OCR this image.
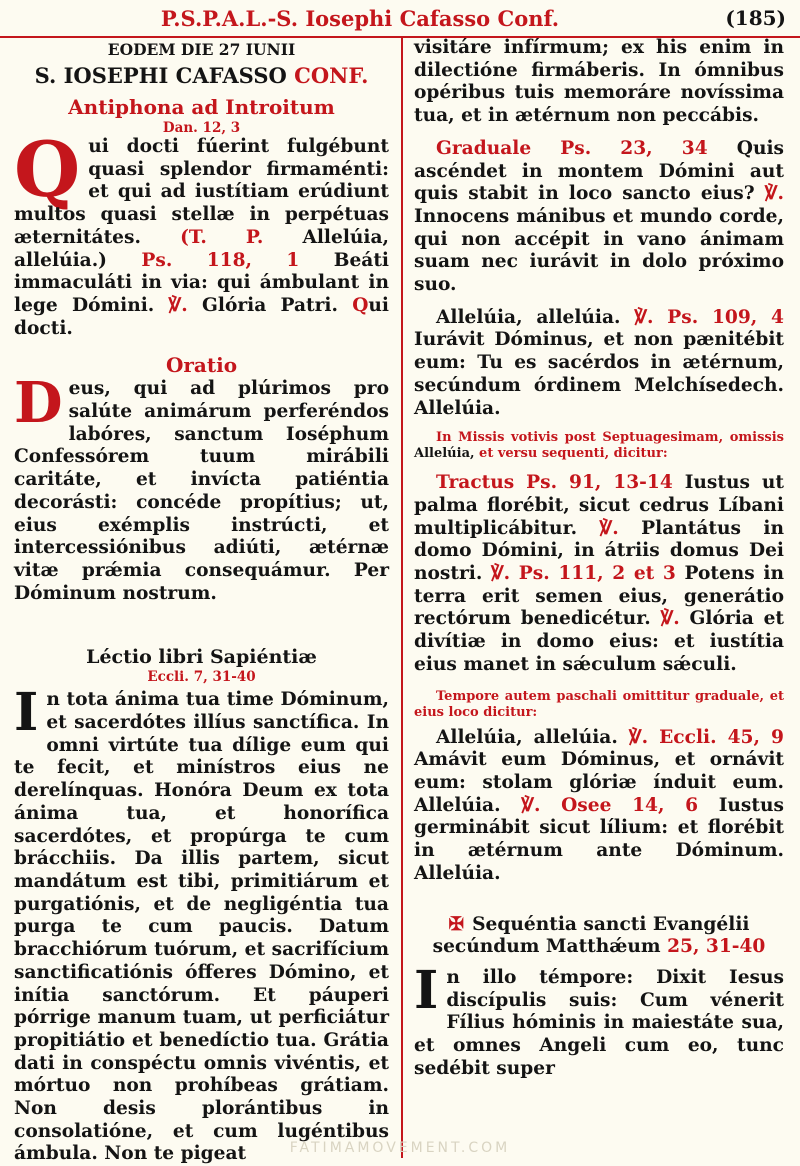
P.S.P.A.L.-S. Iosephi Cafasso Conf.	(185)
EODEM DIE 27 IUNII
S. IOSEPHI CAFASSO CONF.
Antiphona ad Introitum
Dan. 12, 3

Qui docti fúerint fulgébunt quasi splendor firmaménti: et qui ad iustítiam erúdiunt multos quasi stellæ in perpétuas æternitátes. (T. P. Allelúia, allelúia.) Ps. 118, 1 Beáti immaculáti in via: qui ámbulant in lege Dómini. ℣. Glória Patri. Qui docti.

Oratio

Deus, qui ad plúrimos pro salúte animárum perferéndos labóres, sanctum Ioséphum Confessórem tuum mirábili caritáte, et invícta patiéntia decorásti: concéde propítius; ut, eius exémplis instrúcti, et intercessiónibus adiúti, ætérnæ vitæ prǽmia consequámur. Per Dóminum nostrum.

Léctio libri Sapiéntiæ
Eccli. 7, 31-40

In tota ánima tua time Dóminum, et sacerdótes illíus sanctífica. In omni virtúte tua dílige eum qui te fecit, et minístros eius ne derelínquas. Honóra Deum ex tota ánima tua, et honorífica sacerdótes, et propúrga te cum brácchiis. Da illis partem, sicut mandátum est tibi, primitiárum et purgatiónis, et de negligéntia tua purga te cum paucis. Datum bracchiórum tuórum, et sacrifícium sanctificatiónis ófferes Dómino, et inítia sanctórum. Et páuperi pórrige manum tuam, ut perficiátur propitiátio et benedíctio tua. Grátia dati in conspéctu omnis vivéntis, et mórtuo non prohíbeas grátiam. Non desis plorántibus in consolatióne, et cum lugéntibus ámbula. Non te pigeat

visitáre infírmum; ex his enim in dilectióne firmáberis. In ómnibus opéribus tuis memoráre novíssima tua, et in ætérnum non peccábis.

Graduale Ps. 23, 34 Quis ascéndet in montem Dómini aut quis stabit in loco sancto eius? ℣. Innocens mánibus et mundo corde, qui non accépit in vano ánimam suam nec iurávit in dolo próximo suo.

Allelúia, allelúia. ℣. Ps. 109, 4 Iurávit Dóminus, et non pænitébit eum: Tu es sacérdos in ætérnum, secúndum órdinem Melchísedech. Allelúia.

In Missis votivis post Septuagesimam, omissis Allelúia, et versu sequenti, dicitur:

Tractus Ps. 91, 13-14 Iustus ut palma florébit, sicut cedrus Líbani multiplicábitur. ℣. Plantátus in domo Dómini, in átriis domus Dei nostri. ℣. Ps. 111, 2 et 3 Potens in terra erit semen eius, generátio rectórum benedicétur. ℣. Glória et divítiæ in domo eius: et iustítia eius manet in sǽculum sǽculi.

Tempore autem paschali omittitur graduale, et eius loco dicitur:

Allelúia, allelúia. ℣. Eccli. 45, 9 Amávit eum Dóminus, et ornávit eum: stolam glóriæ índuit eum. Allelúia. ℣. Osee 14, 6 Iustus germinábit sicut lílium: et florébit in ætérnum ante Dóminum. Allelúia.

✠ Sequéntia sancti Evangélii
secúndum Matthǽum 25, 31-40

In illo témpore: Dixit Iesus discípulis suis: Cum vénerit Fílius hóminis in maiestáte sua, et omnes Angeli cum eo, tunc sedébit super

FATIMAMOVEMENT.COM
